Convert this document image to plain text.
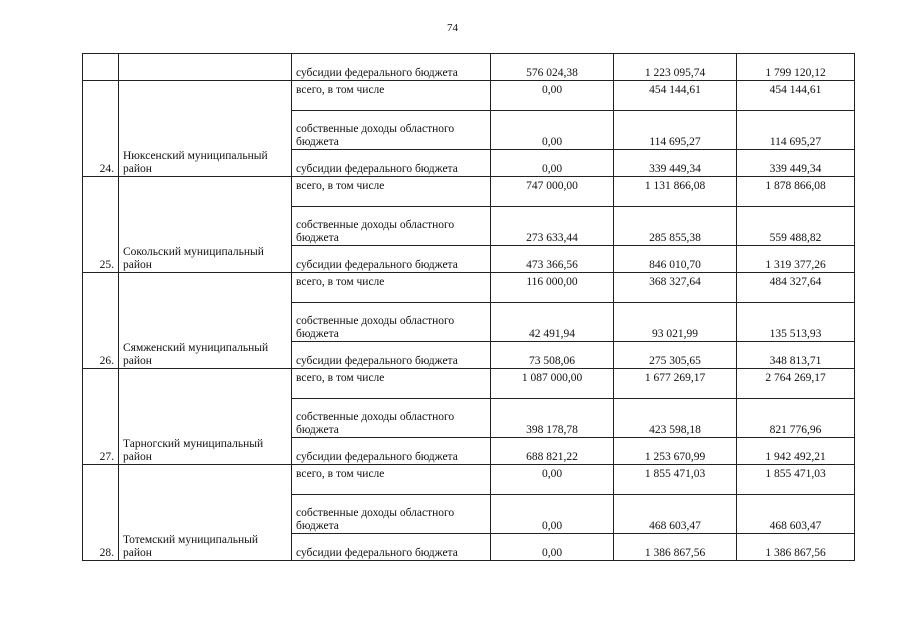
74
		субсидии федерального бюджета	576 024,38	1 223 095,74	1 799 120,12
24.	Нюксенский муниципальный район	всего, в том числе	0,00	454 144,61	454 144,61
		собственные доходы областного бюджета	0,00	114 695,27	114 695,27
		субсидии федерального бюджета	0,00	339 449,34	339 449,34
25.	Сокольский муниципальный район	всего, в том числе	747 000,00	1 131 866,08	1 878 866,08
		собственные доходы областного бюджета	273 633,44	285 855,38	559 488,82
		субсидии федерального бюджета	473 366,56	846 010,70	1 319 377,26
26.	Сямженский муниципальный район	всего, в том числе	116 000,00	368 327,64	484 327,64
		собственные доходы областного бюджета	42 491,94	93 021,99	135 513,93
		субсидии федерального бюджета	73 508,06	275 305,65	348 813,71
27.	Тарногский муниципальный район	всего, в том числе	1 087 000,00	1 677 269,17	2 764 269,17
		собственные доходы областного бюджета	398 178,78	423 598,18	821 776,96
		субсидии федерального бюджета	688 821,22	1 253 670,99	1 942 492,21
28.	Тотемский муниципальный район	всего, в том числе	0,00	1 855 471,03	1 855 471,03
		собственные доходы областного бюджета	0,00	468 603,47	468 603,47
		субсидии федерального бюджета	0,00	1 386 867,56	1 386 867,56
